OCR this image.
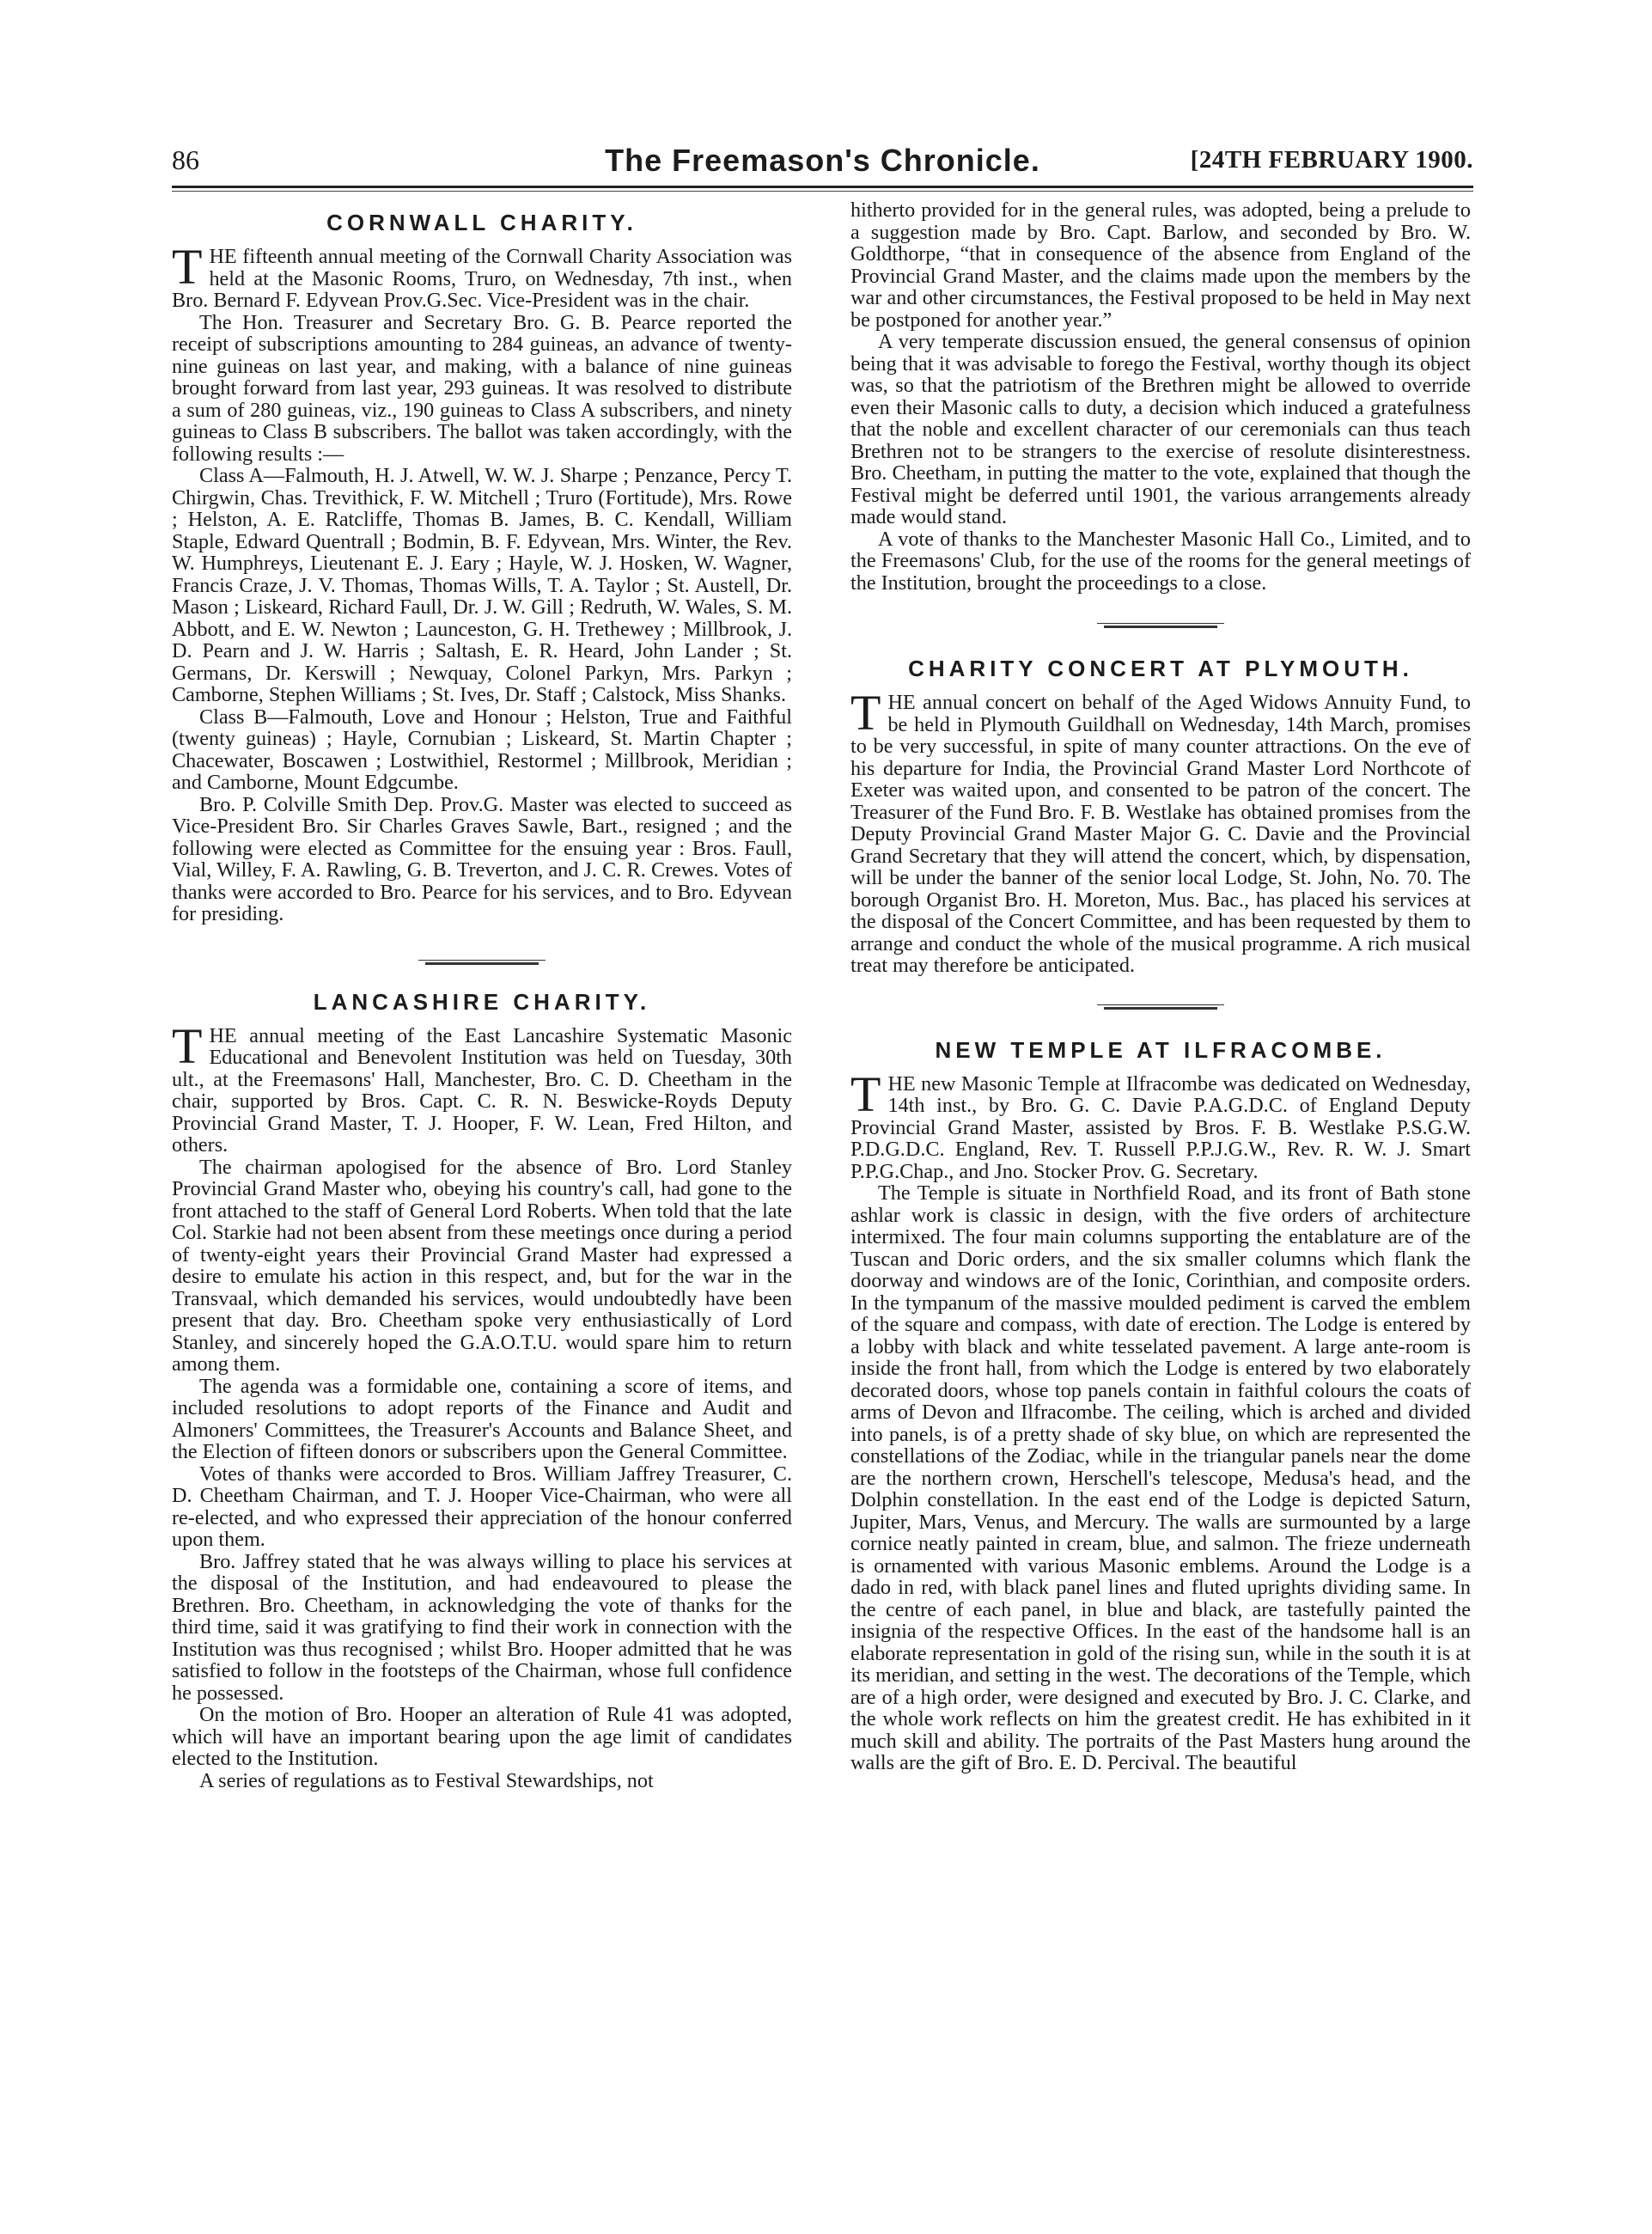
86	The Freemason's Chronicle.	[24TH FEBRUARY 1900.
CORNWALL CHARITY.

THE fifteenth annual meeting of the Cornwall Charity Association was held at the Masonic Rooms, Truro, on Wednesday, 7th inst., when Bro. Bernard F. Edyvean Prov.G.Sec. Vice-President was in the chair.

The Hon. Treasurer and Secretary Bro. G. B. Pearce reported the receipt of subscriptions amounting to 284 guineas, an advance of twenty-nine guineas on last year, and making, with a balance of nine guineas brought forward from last year, 293 guineas. It was resolved to distribute a sum of 280 guineas, viz., 190 guineas to Class A subscribers, and ninety guineas to Class B subscribers. The ballot was taken accordingly, with the following results :—

Class A—Falmouth, H. J. Atwell, W. W. J. Sharpe ; Penzance, Percy T. Chirgwin, Chas. Trevithick, F. W. Mitchell ; Truro (Fortitude), Mrs. Rowe ; Helston, A. E. Ratcliffe, Thomas B. James, B. C. Kendall, William Staple, Edward Quentrall ; Bodmin, B. F. Edyvean, Mrs. Winter, the Rev. W. Humphreys, Lieutenant E. J. Eary ; Hayle, W. J. Hosken, W. Wagner, Francis Craze, J. V. Thomas, Thomas Wills, T. A. Taylor ; St. Austell, Dr. Mason ; Liskeard, Richard Faull, Dr. J. W. Gill ; Redruth, W. Wales, S. M. Abbott, and E. W. Newton ; Launceston, G. H. Trethewey ; Millbrook, J. D. Pearn and J. W. Harris ; Saltash, E. R. Heard, John Lander ; St. Germans, Dr. Kerswill ; Newquay, Colonel Parkyn, Mrs. Parkyn ; Camborne, Stephen Williams ; St. Ives, Dr. Staff ; Calstock, Miss Shanks.

Class B—Falmouth, Love and Honour ; Helston, True and Faithful (twenty guineas) ; Hayle, Cornubian ; Liskeard, St. Martin Chapter ; Chacewater, Boscawen ; Lostwithiel, Restormel ; Millbrook, Meridian ; and Camborne, Mount Edgcumbe.

Bro. P. Colville Smith Dep. Prov.G. Master was elected to succeed as Vice-President Bro. Sir Charles Graves Sawle, Bart., resigned ; and the following were elected as Committee for the ensuing year : Bros. Faull, Vial, Willey, F. A. Rawling, G. B. Treverton, and J. C. R. Crewes. Votes of thanks were accorded to Bro. Pearce for his services, and to Bro. Edyvean for presiding.

LANCASHIRE CHARITY.

THE annual meeting of the East Lancashire Systematic Masonic Educational and Benevolent Institution was held on Tuesday, 30th ult., at the Freemasons' Hall, Manchester, Bro. C. D. Cheetham in the chair, supported by Bros. Capt. C. R. N. Beswicke-Royds Deputy Provincial Grand Master, T. J. Hooper, F. W. Lean, Fred Hilton, and others.

The chairman apologised for the absence of Bro. Lord Stanley Provincial Grand Master who, obeying his country's call, had gone to the front attached to the staff of General Lord Roberts. When told that the late Col. Starkie had not been absent from these meetings once during a period of twenty-eight years their Provincial Grand Master had expressed a desire to emulate his action in this respect, and, but for the war in the Transvaal, which demanded his services, would undoubtedly have been present that day. Bro. Cheetham spoke very enthusiastically of Lord Stanley, and sincerely hoped the G.A.O.T.U. would spare him to return among them.

The agenda was a formidable one, containing a score of items, and included resolutions to adopt reports of the Finance and Audit and Almoners' Committees, the Treasurer's Accounts and Balance Sheet, and the Election of fifteen donors or subscribers upon the General Committee.

Votes of thanks were accorded to Bros. William Jaffrey Treasurer, C. D. Cheetham Chairman, and T. J. Hooper Vice-Chairman, who were all re-elected, and who expressed their appreciation of the honour conferred upon them.

Bro. Jaffrey stated that he was always willing to place his services at the disposal of the Institution, and had endeavoured to please the Brethren. Bro. Cheetham, in acknowledging the vote of thanks for the third time, said it was gratifying to find their work in connection with the Institution was thus recognised ; whilst Bro. Hooper admitted that he was satisfied to follow in the footsteps of the Chairman, whose full confidence he possessed.

On the motion of Bro. Hooper an alteration of Rule 41 was adopted, which will have an important bearing upon the age limit of candidates elected to the Institution.

A series of regulations as to Festival Stewardships, not

hitherto provided for in the general rules, was adopted, being a prelude to a suggestion made by Bro. Capt. Barlow, and seconded by Bro. W. Goldthorpe, “that in consequence of the absence from England of the Provincial Grand Master, and the claims made upon the members by the war and other circumstances, the Festival proposed to be held in May next be postponed for another year.”

A very temperate discussion ensued, the general consensus of opinion being that it was advisable to forego the Festival, worthy though its object was, so that the patriotism of the Brethren might be allowed to override even their Masonic calls to duty, a decision which induced a gratefulness that the noble and excellent character of our ceremonials can thus teach Brethren not to be strangers to the exercise of resolute disinterestness. Bro. Cheetham, in putting the matter to the vote, explained that though the Festival might be deferred until 1901, the various arrangements already made would stand.

A vote of thanks to the Manchester Masonic Hall Co., Limited, and to the Freemasons' Club, for the use of the rooms for the general meetings of the Institution, brought the proceedings to a close.

CHARITY CONCERT AT PLYMOUTH.

THE annual concert on behalf of the Aged Widows Annuity Fund, to be held in Plymouth Guildhall on Wednesday, 14th March, promises to be very successful, in spite of many counter attractions. On the eve of his departure for India, the Provincial Grand Master Lord Northcote of Exeter was waited upon, and consented to be patron of the concert. The Treasurer of the Fund Bro. F. B. Westlake has obtained promises from the Deputy Provincial Grand Master Major G. C. Davie and the Provincial Grand Secretary that they will attend the concert, which, by dispensation, will be under the banner of the senior local Lodge, St. John, No. 70. The borough Organist Bro. H. Moreton, Mus. Bac., has placed his services at the disposal of the Concert Committee, and has been requested by them to arrange and conduct the whole of the musical programme. A rich musical treat may therefore be anticipated.

NEW TEMPLE AT ILFRACOMBE.

THE new Masonic Temple at Ilfracombe was dedicated on Wednesday, 14th inst., by Bro. G. C. Davie P.A.G.D.C. of England Deputy Provincial Grand Master, assisted by Bros. F. B. Westlake P.S.G.W. P.D.G.D.C. England, Rev. T. Russell P.P.J.G.W., Rev. R. W. J. Smart P.P.G.Chap., and Jno. Stocker Prov. G. Secretary.

The Temple is situate in Northfield Road, and its front of Bath stone ashlar work is classic in design, with the five orders of architecture intermixed. The four main columns supporting the entablature are of the Tuscan and Doric orders, and the six smaller columns which flank the doorway and windows are of the Ionic, Corinthian, and composite orders. In the tympanum of the massive moulded pediment is carved the emblem of the square and compass, with date of erection. The Lodge is entered by a lobby with black and white tesselated pavement. A large ante-room is inside the front hall, from which the Lodge is entered by two elaborately decorated doors, whose top panels contain in faithful colours the coats of arms of Devon and Ilfracombe. The ceiling, which is arched and divided into panels, is of a pretty shade of sky blue, on which are represented the constellations of the Zodiac, while in the triangular panels near the dome are the northern crown, Herschell's telescope, Medusa's head, and the Dolphin constellation. In the east end of the Lodge is depicted Saturn, Jupiter, Mars, Venus, and Mercury. The walls are surmounted by a large cornice neatly painted in cream, blue, and salmon. The frieze underneath is ornamented with various Masonic emblems. Around the Lodge is a dado in red, with black panel lines and fluted uprights dividing same. In the centre of each panel, in blue and black, are tastefully painted the insignia of the respective Offices. In the east of the handsome hall is an elaborate representation in gold of the rising sun, while in the south it is at its meridian, and setting in the west. The decorations of the Temple, which are of a high order, were designed and executed by Bro. J. C. Clarke, and the whole work reflects on him the greatest credit. He has exhibited in it much skill and ability. The portraits of the Past Masters hung around the walls are the gift of Bro. E. D. Percival. The beautiful
